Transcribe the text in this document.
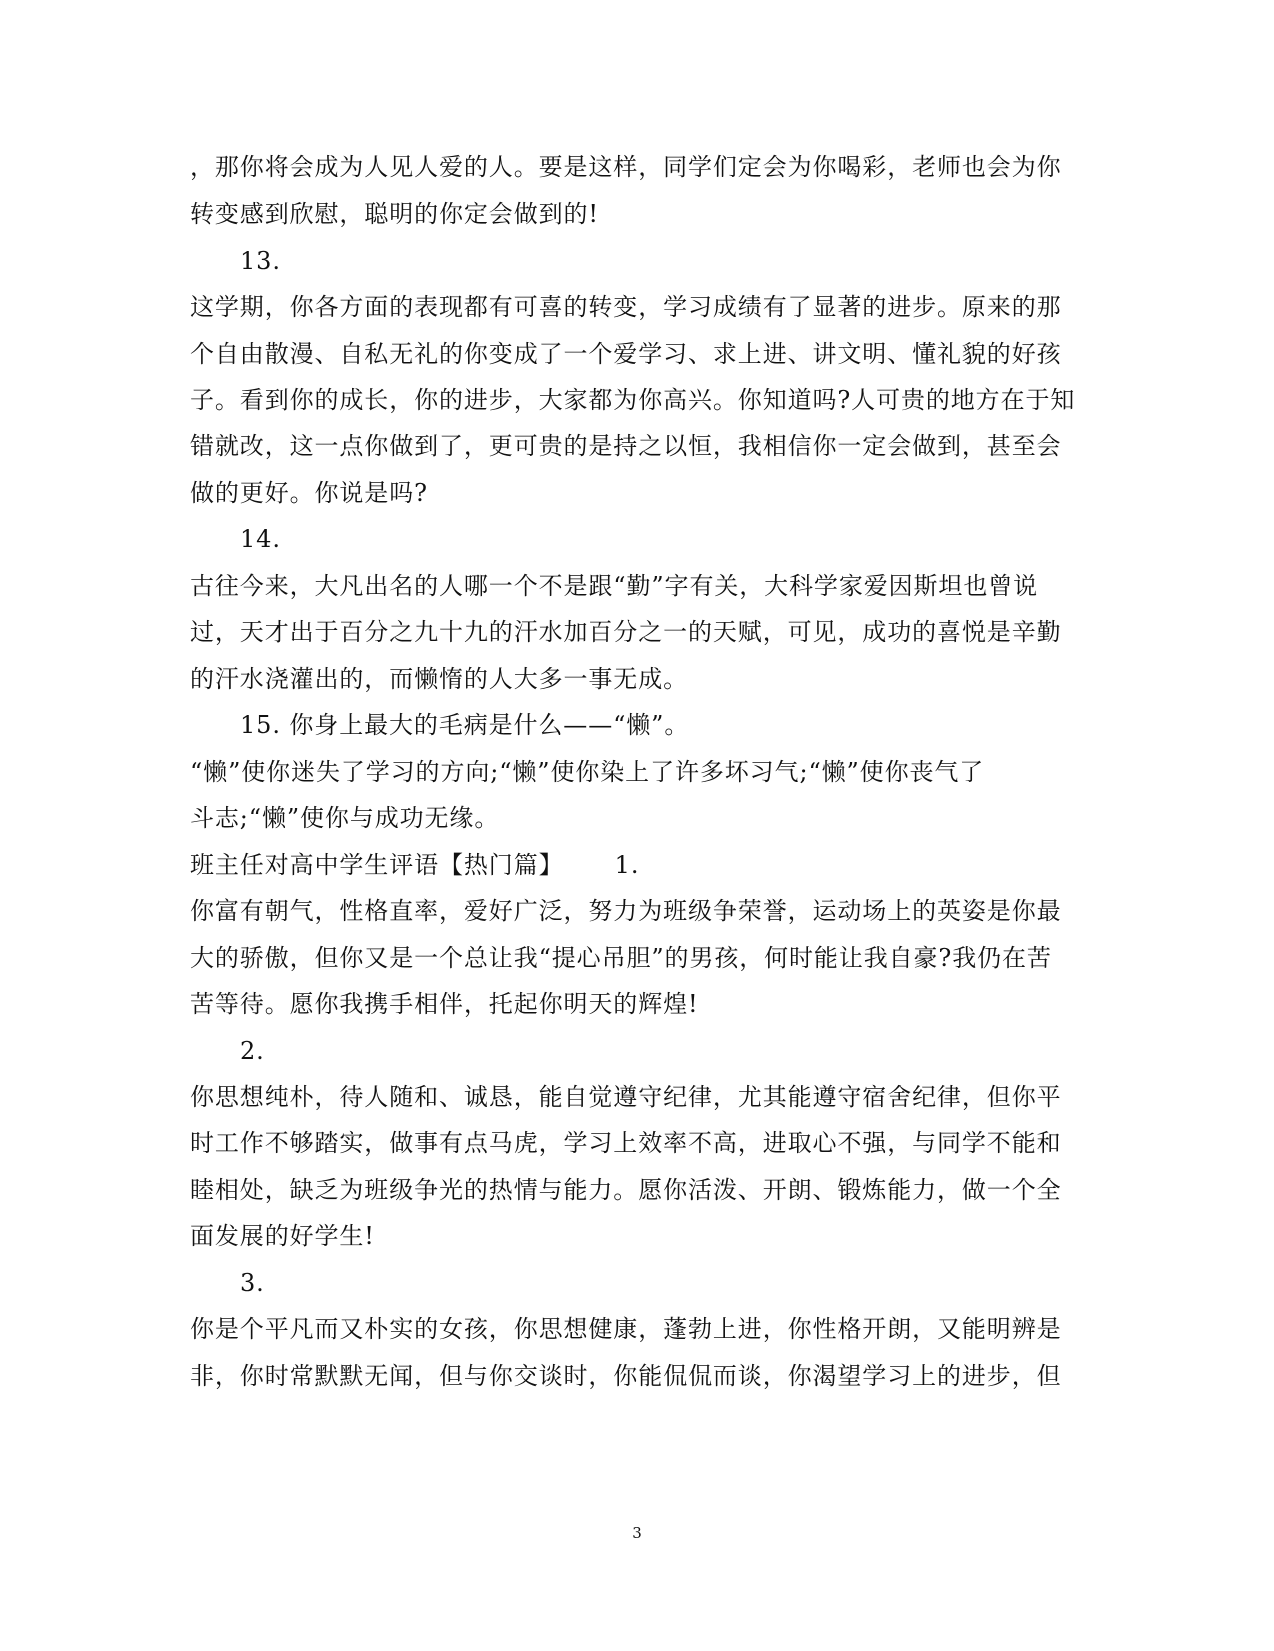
，那你将会成为人见人爱的人。要是这样，同学们定会为你喝彩，老师也会为你
转变感到欣慰，聪明的你定会做到的!
13.
这学期，你各方面的表现都有可喜的转变，学习成绩有了显著的进步。原来的那
个自由散漫、自私无礼的你变成了一个爱学习、求上进、讲文明、懂礼貌的好孩
子。看到你的成长，你的进步，大家都为你高兴。你知道吗?人可贵的地方在于知
错就改，这一点你做到了，更可贵的是持之以恒，我相信你一定会做到，甚至会
做的更好。你说是吗?
14.
古往今来，大凡出名的人哪一个不是跟“勤”字有关，大科学家爱因斯坦也曾说
过，天才出于百分之九十九的汗水加百分之一的天赋，可见，成功的喜悦是辛勤
的汗水浇灌出的，而懒惰的人大多一事无成。
15. 你身上最大的毛病是什么——“懒”。
“懒”使你迷失了学习的方向;“懒”使你染上了许多坏习气;“懒”使你丧气了
斗志;“懒”使你与成功无缘。
班主任对高中学生评语【热门篇】      1.
你富有朝气，性格直率，爱好广泛，努力为班级争荣誉，运动场上的英姿是你最
大的骄傲，但你又是一个总让我“提心吊胆”的男孩，何时能让我自豪?我仍在苦
苦等待。愿你我携手相伴，托起你明天的辉煌!
2.
你思想纯朴，待人随和、诚恳，能自觉遵守纪律，尤其能遵守宿舍纪律，但你平
时工作不够踏实，做事有点马虎，学习上效率不高，进取心不强，与同学不能和
睦相处，缺乏为班级争光的热情与能力。愿你活泼、开朗、锻炼能力，做一个全
面发展的好学生!
3.
你是个平凡而又朴实的女孩，你思想健康，蓬勃上进，你性格开朗，又能明辨是
非，你时常默默无闻，但与你交谈时，你能侃侃而谈，你渴望学习上的进步，但
3
